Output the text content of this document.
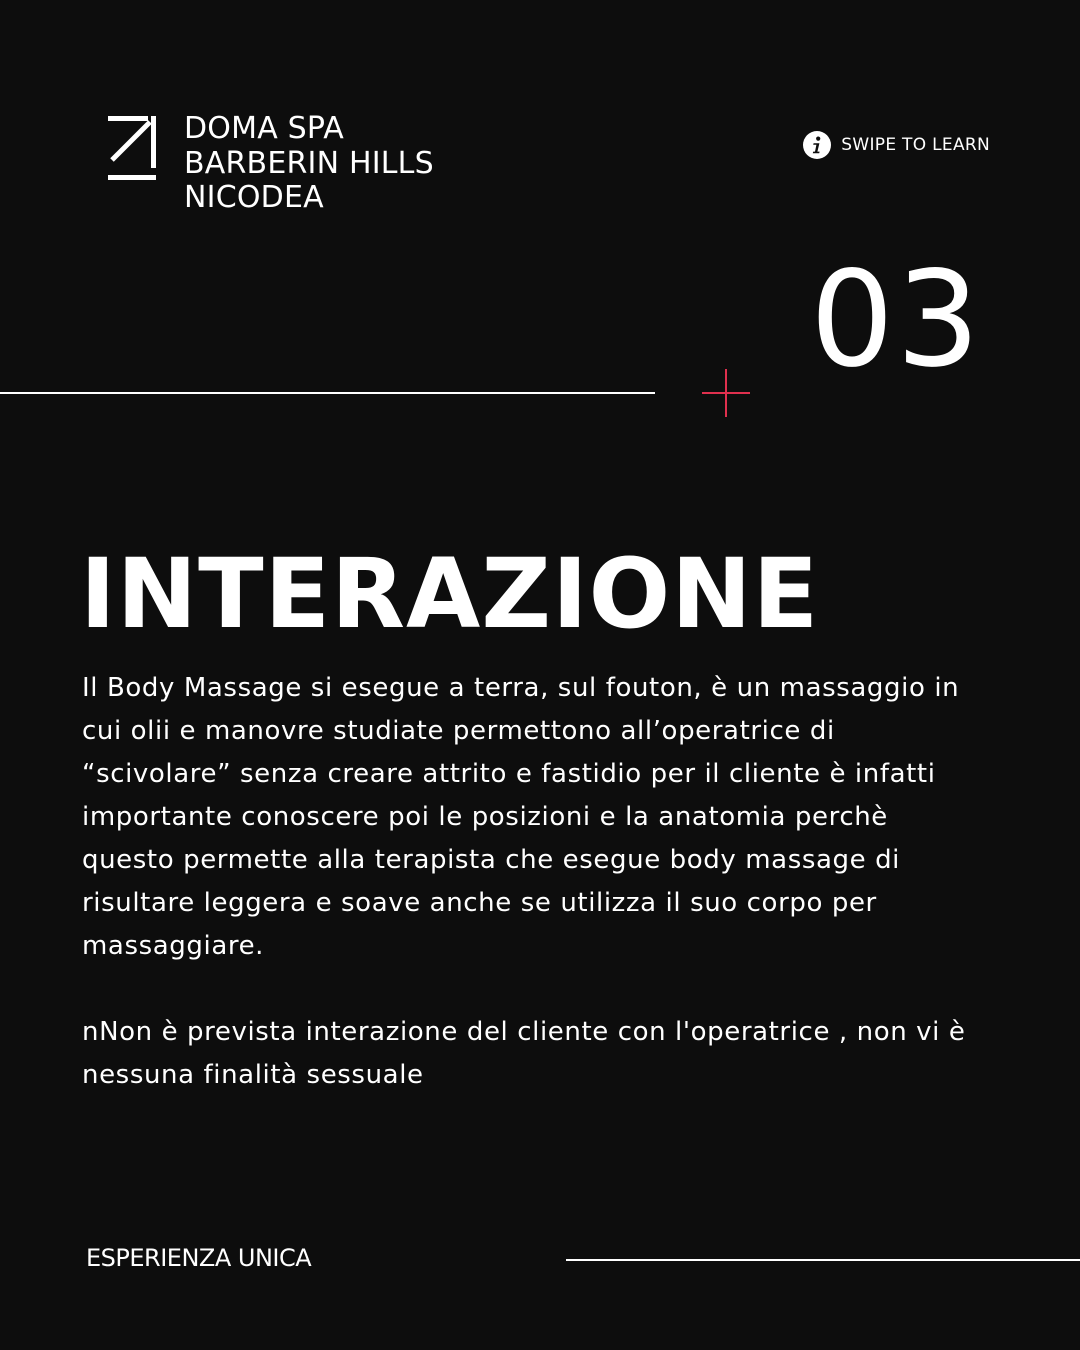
DOMA SPA
BARBERIN HILLS
NICODEA
SWIPE TO LEARN
03
INTERAZIONE

Il Body Massage si esegue a terra, sul fouton, è un massaggio in cui olii e manovre studiate permettono all’operatrice di “scivolare” senza creare attrito e fastidio per il cliente è infatti importante conoscere poi le posizioni e la anatomia perchè questo permette alla terapista che esegue body massage di risultare leggera e soave anche se utilizza il suo corpo per massaggiare.

nNon è prevista interazione del cliente con l'operatrice , non vi è nessuna finalità sessuale

ESPERIENZA UNICA
